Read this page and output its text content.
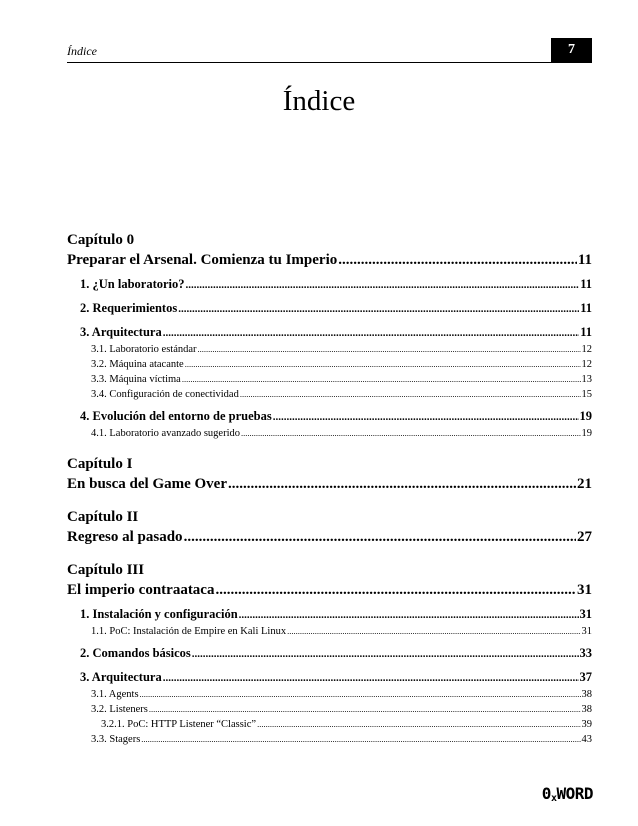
Índice	7
Índice
Capítulo 0
Preparar el Arsenal. Comienza tu Imperio .....	11
1. ¿Un laboratorio? .....	11
2. Requerimientos .....	11
3. Arquitectura .....	11
3.1. Laboratorio estándar .....	12
3.2. Máquina atacante .....	12
3.3. Máquina víctima .....	13
3.4. Configuración de conectividad .....	15
4. Evolución del entorno de pruebas .....	19
4.1. Laboratorio avanzado sugerido .....	19
Capítulo I
En busca del Game Over .....	21
Capítulo II
Regreso al pasado .....	27
Capítulo III
El imperio contraataca .....	31
1. Instalación y configuración .....	31
1.1. PoC: Instalación de Empire en Kali Linux .....	31
2. Comandos básicos .....	33
3. Arquitectura .....	37
3.1. Agents .....	38
3.2. Listeners .....	38
3.2.1. PoC: HTTP Listener “Classic” .....	39
3.3. Stagers .....	43
$0_xWORD$
